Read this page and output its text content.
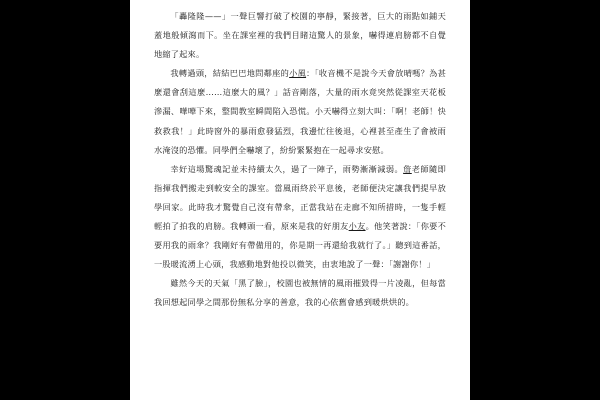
「轟隆隆——」一聲巨響打破了校園的寧靜，緊接著，巨大的雨點如鋪天蓋地般傾瀉而下。坐在課室裡的我們目睹這驚人的景象，嚇得連肩膀都不自覺地縮了起來。

我轉過頭，結結巴巴地問鄰座的小風：「收音機不是說今天會放晴嗎？為甚麼還會刮這麼……這麼大的風？」話音剛落，大量的雨水竟突然從課室天花板滲漏、嘩嘩下來，整間教室瞬間陷入恐慌。小天嚇得立刻大叫：「啊！老師！快救救我！」此時窗外的暴雨愈發猛烈，我邊忙往後退，心裡甚至產生了會被雨水淹沒的恐懼。同學們全嚇壞了，紛紛緊緊抱在一起尋求安慰。

幸好這場驚魂記並未持續太久，過了一陣子，雨勢漸漸減弱。詹老師隨即指揮我們搬走到較安全的課室。當風雨終於平息後，老師便決定讓我們提早放學回家。此時我才驚覺自己沒有帶傘，正當我站在走廊不知所措時，一隻手輕輕拍了拍我的肩膀。我轉頭一看，原來是我的好朋友小友。他笑著說：「你要不要用我的雨傘？我剛好有帶備用的，你是期一再還給我就行了。」聽到這番話，一股暖流湧上心頭，我感動地對他投以微笑，由衷地說了一聲：「謝謝你！」

雖然今天的天氣「黑了臉」，校園也被無情的風雨摧毀得一片凌亂，但每當我回想起同學之間那份無私分享的善意，我的心依舊會感到暖烘烘的。
